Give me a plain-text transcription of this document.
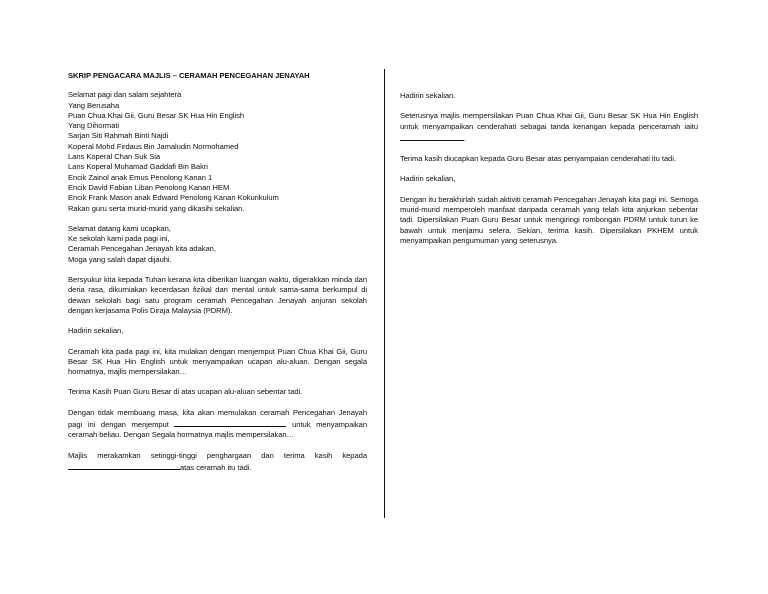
SKRIP PENGACARA MAJLIS – CERAMAH PENCEGAHAN JENAYAH
Selamat pagi dan salam sejahtera
Yang Berusaha
Puan Chua Khai Gii, Guru Besar SK Hua Hin English
Yang Dihormati
Sarjan Siti Rahmah Binti Najdi
Koperal Mohd Firdaus Bin Jamaludin Normohamed
Lans Koperal Chan Suk Sia
Lans Koperal Muhamad Gaddafi Bin Bakri
Encik Zainol anak Emus Penolong Kanan 1
Encik David Fabian Liban Penolong Kanan HEM
Encik Frank Mason anak Edward Penolong Kanan Kokurikulum
Rakan guru serta murid-murid yang dikasihi sekalian.
Selamat datang kami ucapkan,
Ke sekolah kami pada pagi ini,
Ceramah Pencegahan Jenayah kita adakan,
Moga yang salah dapat dijauhi.
Bersyukur kita kepada Tuhan kerana kita diberikan luangan waktu, digerakkan minda dan deria rasa, dikurniakan kecerdasan fizikal dan mental untuk sama-sama berkumpul di dewan sekolah bagi satu program ceramah Pencegahan Jenayah anjuran sekolah dengan kerjasama Polis Diraja Malaysia (PDRM).
Hadirin sekalian,
Ceramah kita pada pagi ini, kita mulakan dengan menjemput Puan Chua Khai Gii, Guru Besar SK Hua Hin English untuk menyampaikan ucapan alu-aluan. Dengan segala hormatnya, majlis mempersilakan…
Terima Kasih Puan Guru Besar di atas ucapan alu-aluan sebentar tadi.
Dengan tidak membuang masa, kita akan memulakan ceramah Pencegahan Jenayah pagi ini dengan menjemput	untuk menyampaikan ceramah beliau. Dengan Segala hormatnya majlis mempersilakan…
Majlis merakamkan setinggi-tinggi penghargaan dan terima kasih kepada atas ceramah itu tadi.
Hadirin sekalian.
Seterusnya majlis mempersilakan Puan Chua Khai Gii, Guru Besar SK Hua Hin English untuk menyampaikan cenderahati sebagai tanda kenangan kepada penceramah iaitu.
Terima kasih diucapkan kepada Guru Besar atas penyampaian cenderahati itu tadi.
Hadirin sekalian,
Dengan itu berakhirlah sudah aktiviti ceramah Pencegahan Jenayah kita pagi ini. Semoga murid-murid memperoleh manfaat daripada ceramah yang telah kita anjurkan sebentar tadi. Dipersilakan Puan Guru Besar untuk mengiringi rombongan PDRM untuk turun ke bawah untuk menjamu selera. Sekian, terima kasih. Dipersilakan PKHEM untuk menyampaikan pengumuman yang seterusnya.
